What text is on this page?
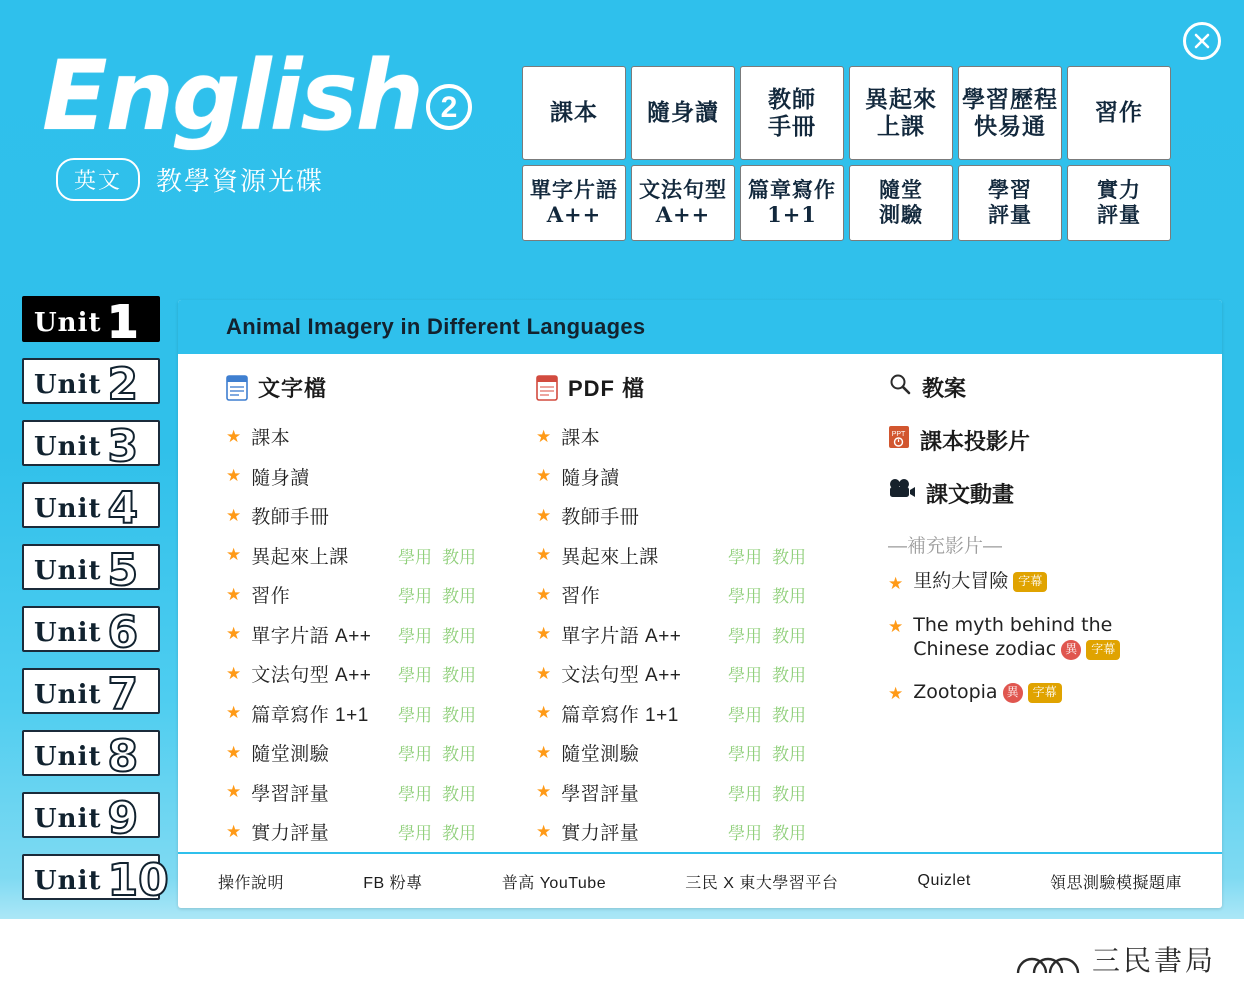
English 2
英文	教學資源光碟
課本 隨身讀
教師
手冊
異起來
上課
學習歷程
快易通
習作
單字片語
A++
文法句型
A++
篇章寫作
1+1
隨堂
測驗
學習
評量
實力
評量
Unit 1
Unit 2
Unit 3
Unit 4
Unit 5
Unit 6
Unit 7
Unit 8
Unit 9
Unit 10
Animal Imagery in Different Languages
文字檔
★ 課本
★ 隨身讀
★ 教師手冊
★ 異起來上課	學用 教用
★ 習作	學用 教用
★ 單字片語 A++ 學用 教用
★ 文法句型 A++ 學用 教用
★ 篇章寫作 1+1 學用 教用
★ 隨堂測驗	學用 教用
★ 學習評量	學用 教用
★ 實力評量	學用 教用
PDF 檔
★ 課本
★ 隨身讀
★ 教師手冊
★ 異起來上課	學用 教用
★ 習作	學用 教用
★ 單字片語 A++	學用 教用
★ 文法句型 A++	學用 教用
★ 篇章寫作 1+1	學用 教用
★ 隨堂測驗	學用 教用
★ 學習評量	學用 教用
★ 實力評量	學用 教用
教案
PPT 課本投影片
課文動畫
—補充影片—
★ 里約大冒險 字幕
★ The myth behind the Chinese zodiac 異 字幕
★ Zootopia 異 字幕
操作說明	FB 粉專	普高 YouTube	三民 X 東大學習平台	Quizlet	領思測驗模擬題庫
三民書局
